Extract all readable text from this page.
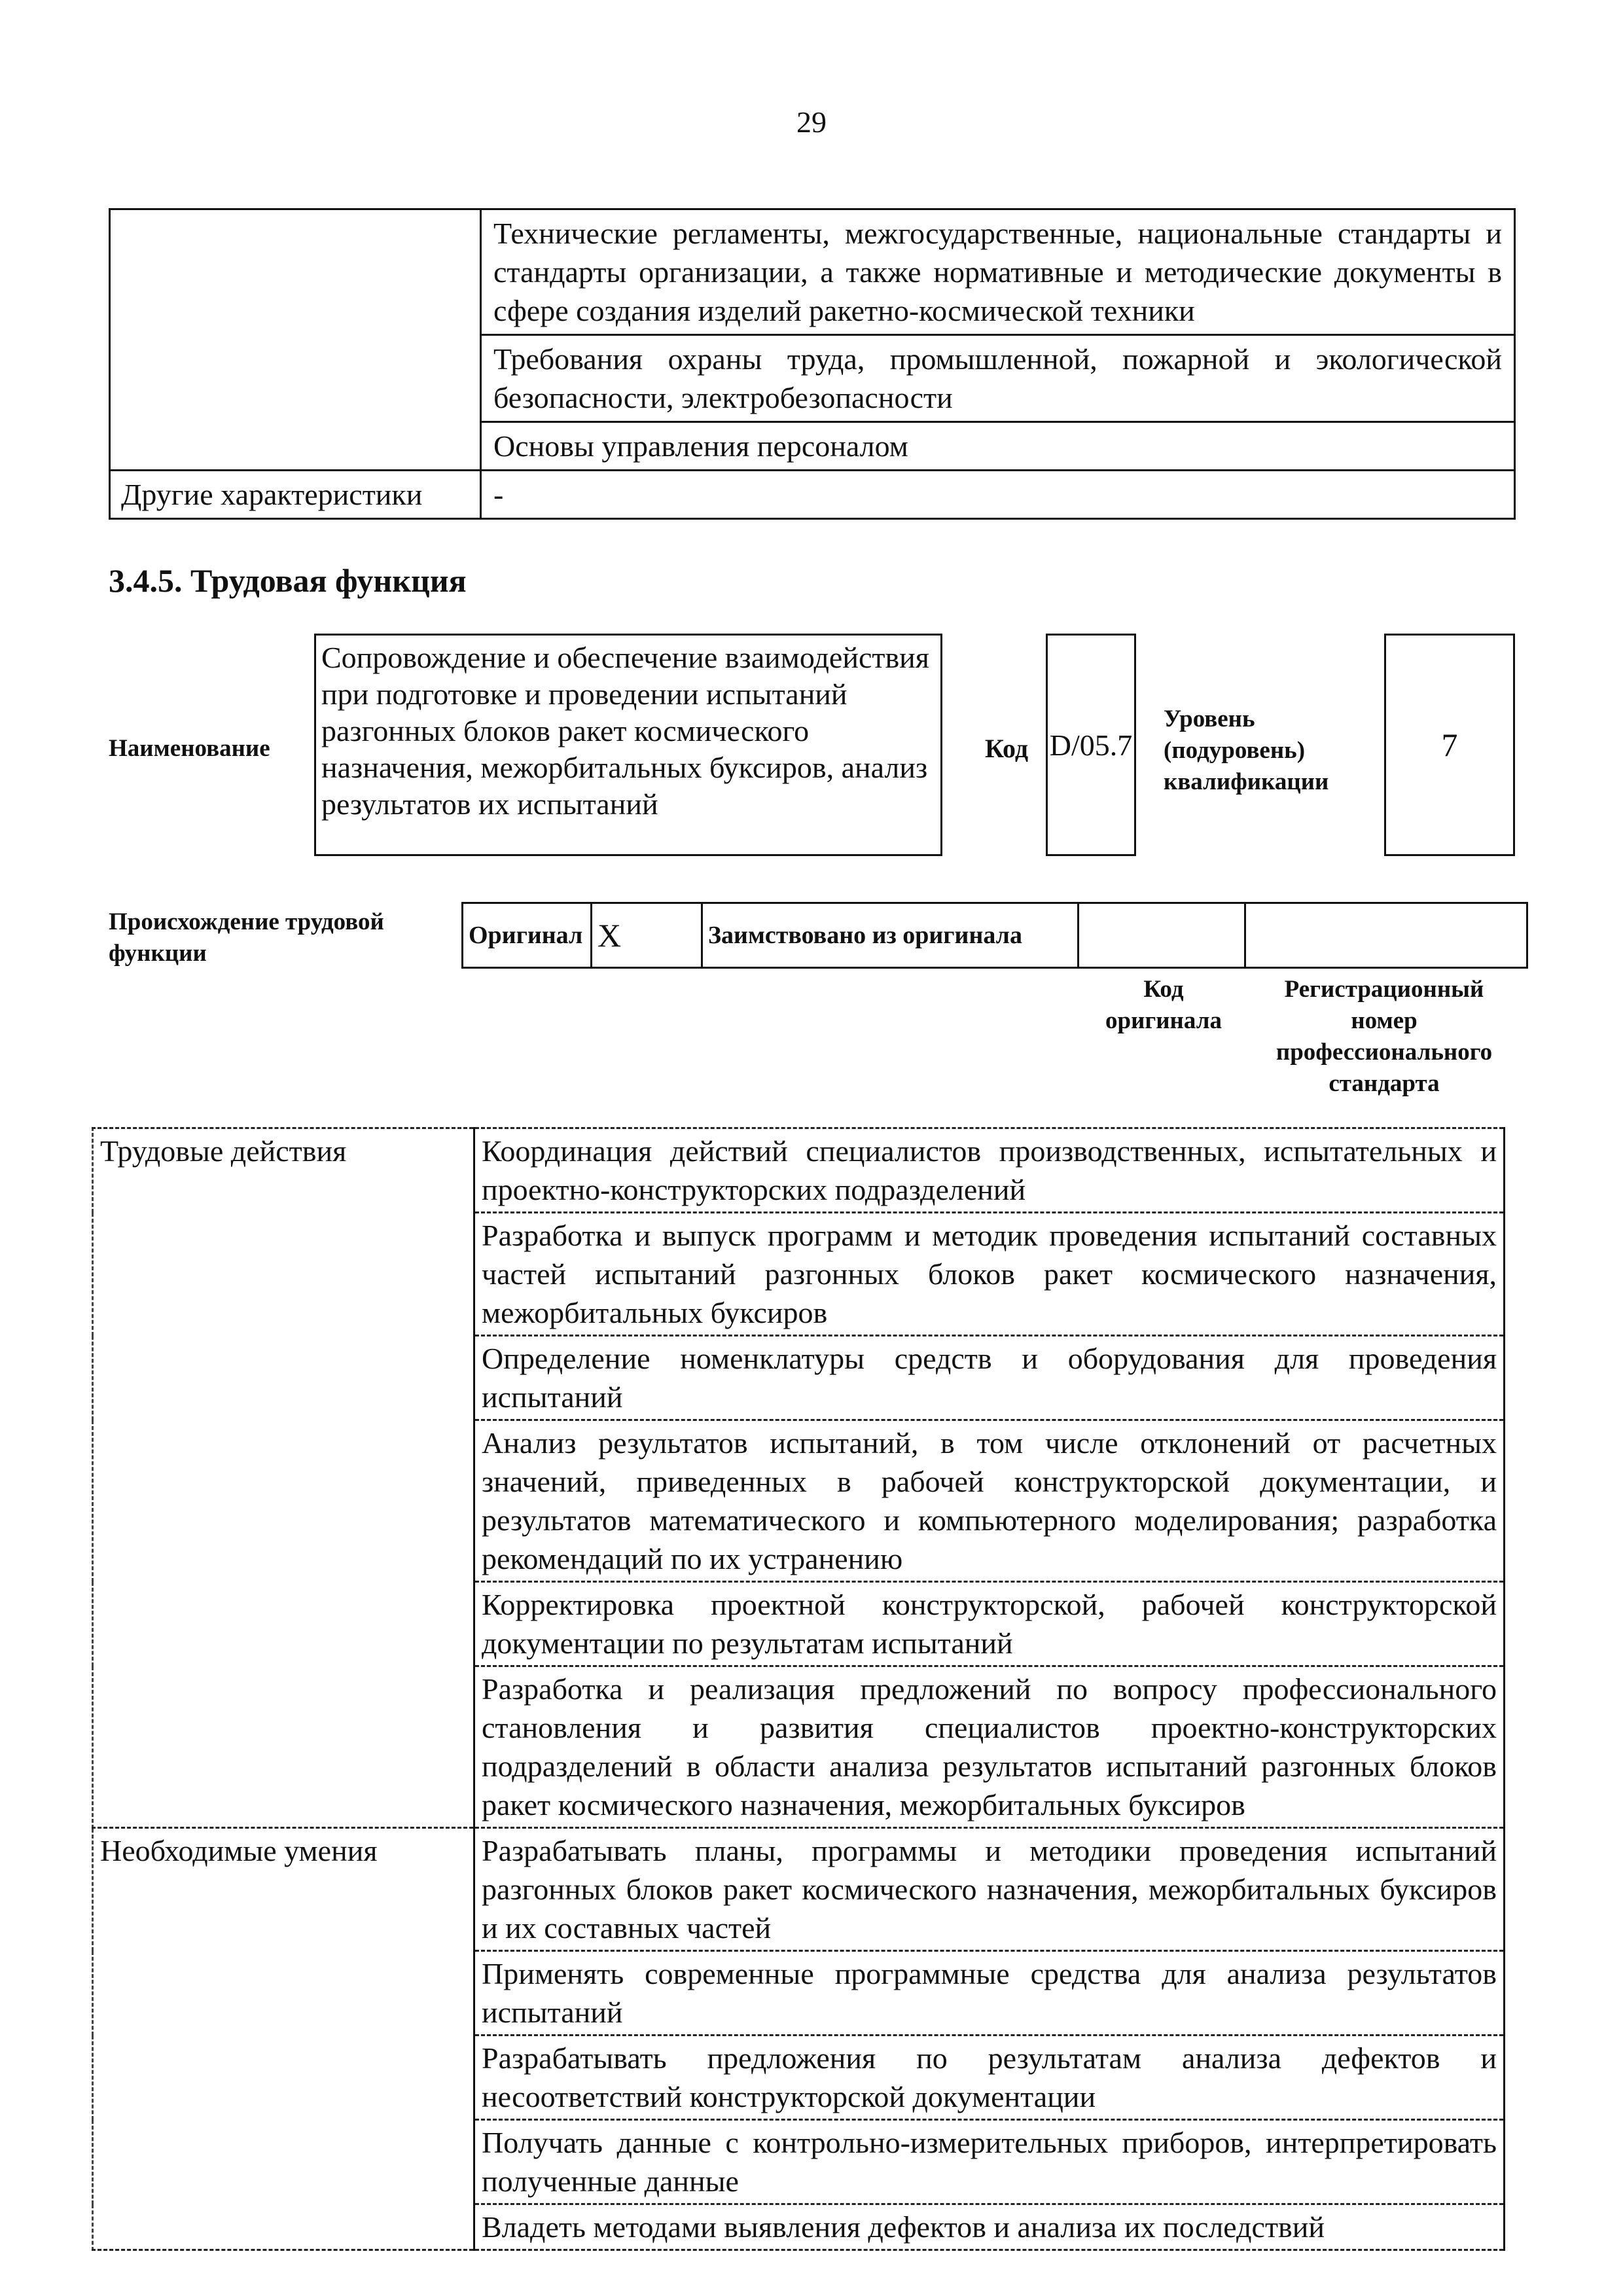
29
	Технические регламенты, межгосударственные, национальные стандарты и стандарты организации, а также нормативные и методические документы в сфере создания изделий ракетно-космической техники
	Требования охраны труда, промышленной, пожарной и экологической безопасности, электробезопасности
	Основы управления персоналом
Другие характеристики	-
3.4.5. Трудовая функция
Наименование
Сопровождение и обеспечение взаимодействия при подготовке и проведении испытаний разгонных блоков ракет космического назначения, межорбитальных буксиров, анализ результатов их испытаний
Код D/05.7
Уровень
(подуровень)
квалификации
7
Происхождение трудовой функции
Оригинал	X	Заимствовано из оригинала		
Код
оригинала
Регистрационный
номер
профессионального
стандарта
Трудовые действия	Координация действий специалистов производственных, испытательных и проектно-конструкторских подразделений
	Разработка и выпуск программ и методик проведения испытаний составных частей испытаний разгонных блоков ракет космического назначения, межорбитальных буксиров
	Определение номенклатуры средств и оборудования для проведения испытаний
	Анализ результатов испытаний, в том числе отклонений от расчетных значений, приведенных в рабочей конструкторской документации, и результатов математического и компьютерного моделирования; разработка рекомендаций по их устранению
	Корректировка проектной конструкторской, рабочей конструкторской документации по результатам испытаний
	Разработка и реализация предложений по вопросу профессионального становления и развития специалистов проектно-конструкторских подразделений в области анализа результатов испытаний разгонных блоков ракет космического назначения, межорбитальных буксиров
Необходимые умения	Разрабатывать планы, программы и методики проведения испытаний разгонных блоков ракет космического назначения, межорбитальных буксиров и их составных частей
	Применять современные программные средства для анализа результатов испытаний
	Разрабатывать предложения по результатам анализа дефектов и несоответствий конструкторской документации
	Получать данные с контрольно-измерительных приборов, интерпретировать полученные данные
	Владеть методами выявления дефектов и анализа их последствий
